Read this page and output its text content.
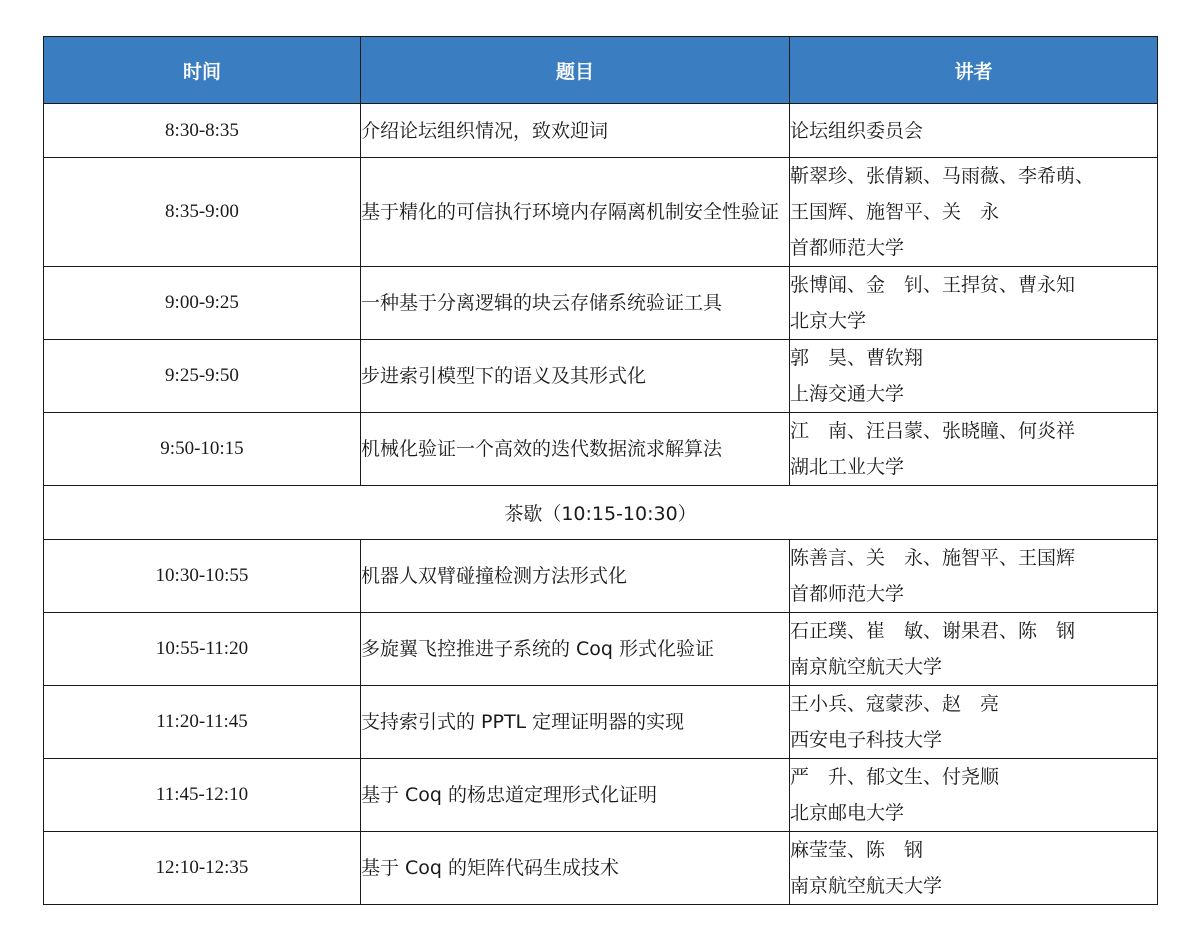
时间	题目	讲者
8:30-8:35	介绍论坛组织情况，致欢迎词	论坛组织委员会

8:35-9:00	基于精化的可信执行环境内存隔离机制安全性验证	靳翠珍、张倩颖、马雨薇、李希萌、
王国辉、施智平、关　永
首都师范大学

9:00-9:25	一种基于分离逻辑的块云存储系统验证工具	张博闻、金　钊、王捍贫、曹永知
北京大学

9:25-9:50	步进索引模型下的语义及其形式化	郭　昊、曹钦翔
上海交通大学

9:50-10:15	机械化验证一个高效的迭代数据流求解算法	江　南、汪吕蒙、张晓瞳、何炎祥
湖北工业大学

茶歇（10:15-10:30）		
10:30-10:55	机器人双臂碰撞检测方法形式化	陈善言、关　永、施智平、王国辉
首都师范大学

10:55-11:20	多旋翼飞控推进子系统的 Coq 形式化验证	石正璞、崔　敏、谢果君、陈　钢
南京航空航天大学

11:20-11:45	支持索引式的 PPTL 定理证明器的实现	王小兵、寇蒙莎、赵　亮
西安电子科技大学

11:45-12:10	基于 Coq 的杨忠道定理形式化证明	严　升、郁文生、付尧顺
北京邮电大学

12:10-12:35	基于 Coq 的矩阵代码生成技术	麻莹莹、陈　钢
南京航空航天大学
